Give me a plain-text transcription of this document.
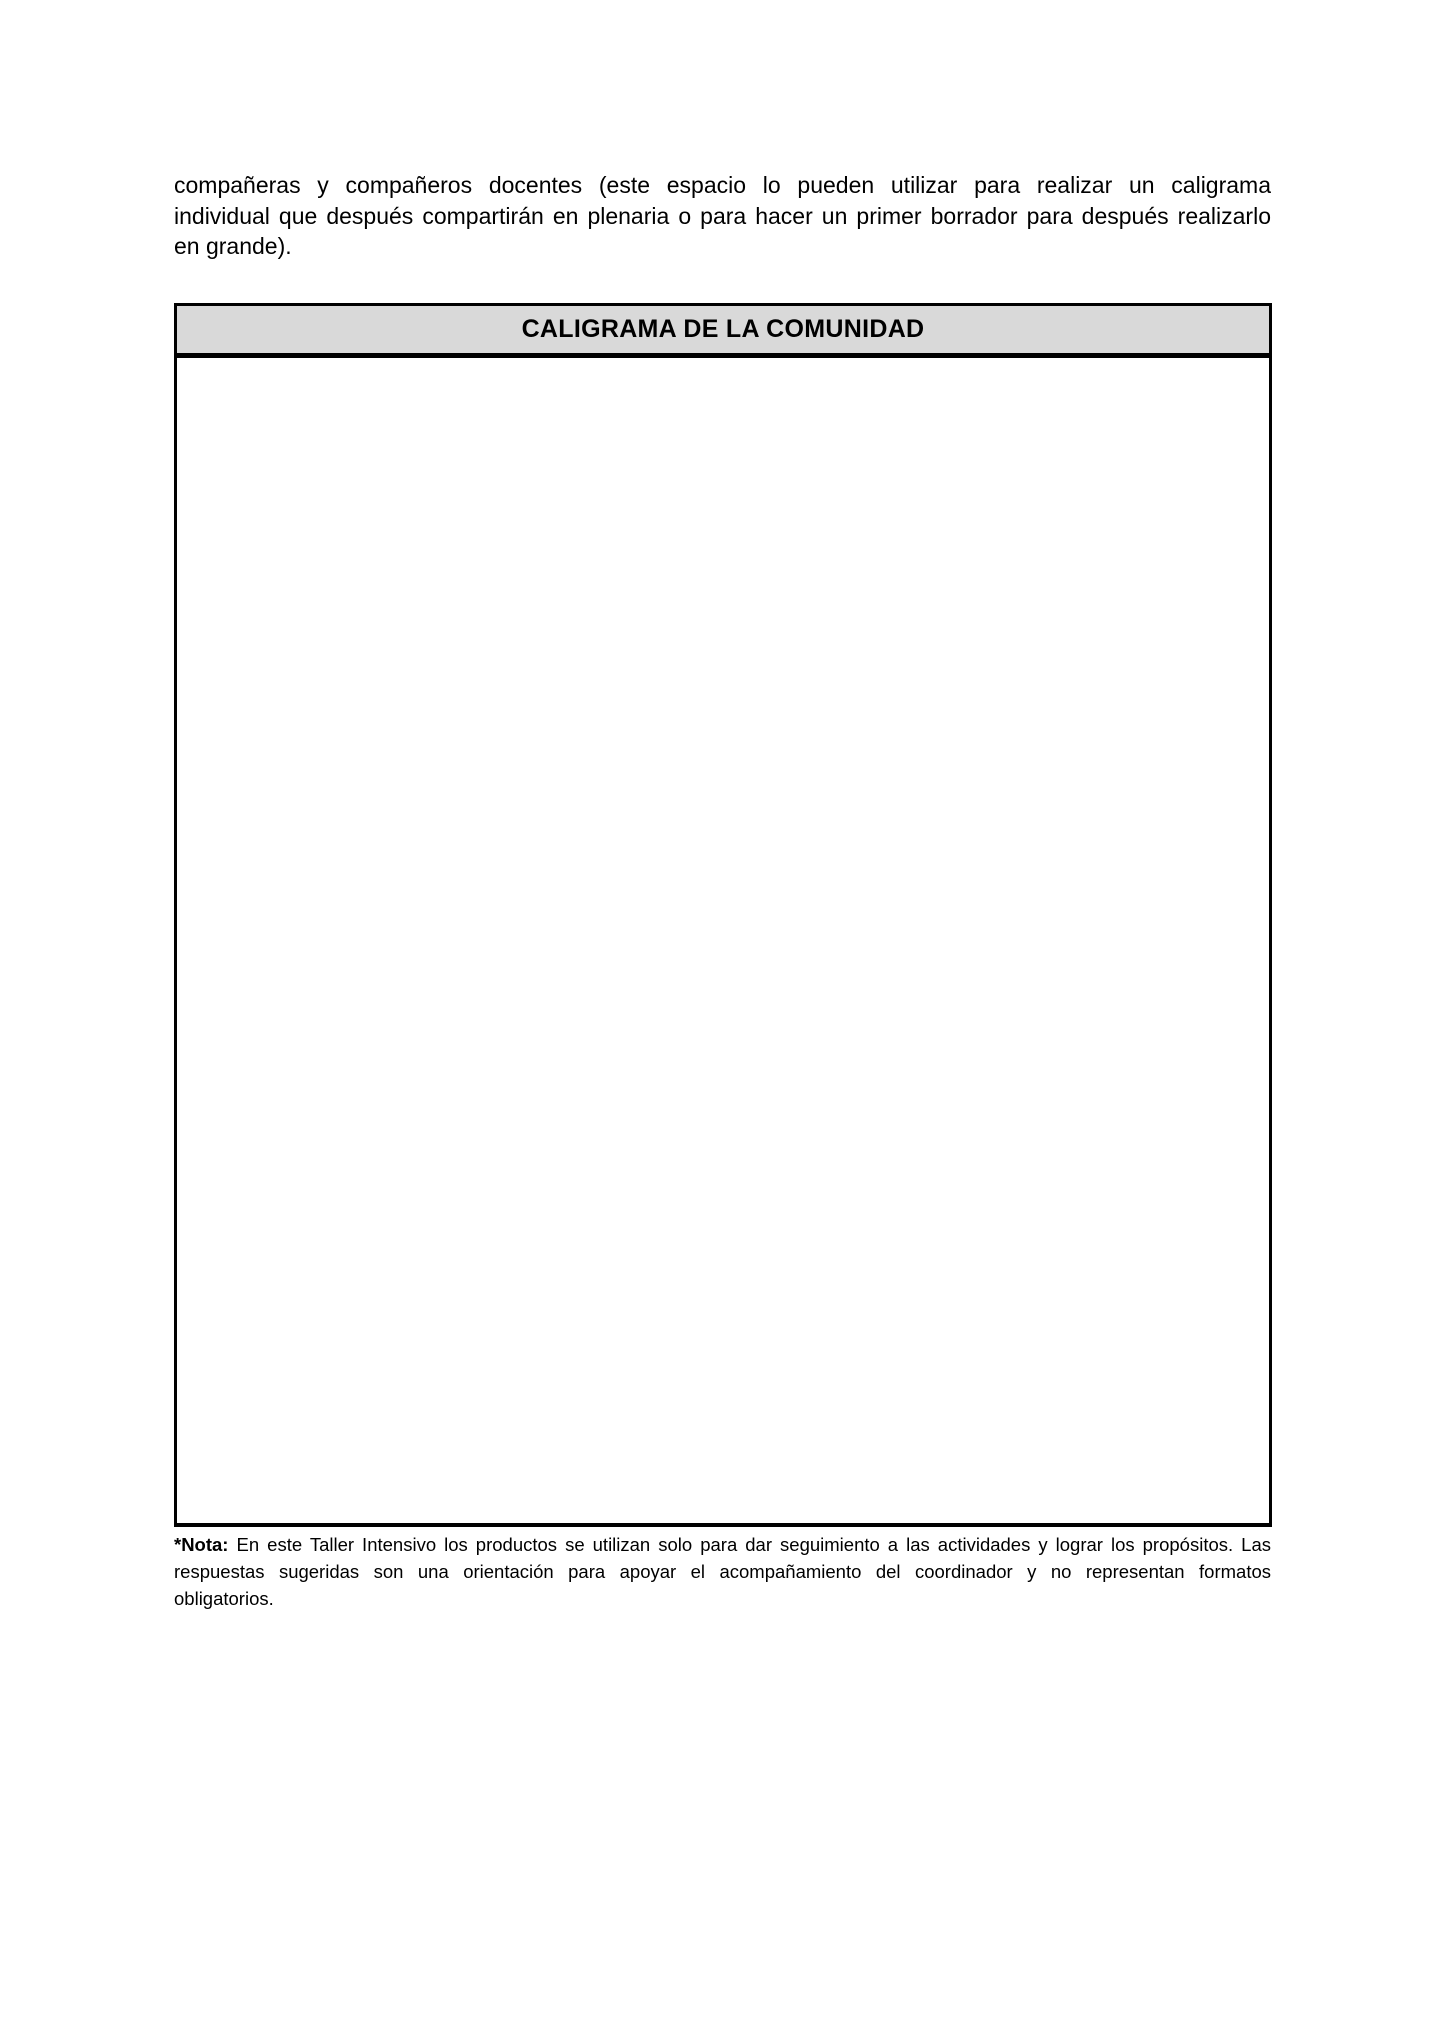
compañeras y compañeros docentes (este espacio lo pueden utilizar para realizar un caligrama
individual que después compartirán en plenaria o para hacer un primer borrador para después realizarlo
en grande).
CALIGRAMA DE LA COMUNIDAD
*Nota: En este Taller Intensivo los productos se utilizan solo para dar seguimiento a las actividades y lograr los propósitos. Las
respuestas sugeridas son una orientación para apoyar el acompañamiento del coordinador y no representan formatos
obligatorios.
